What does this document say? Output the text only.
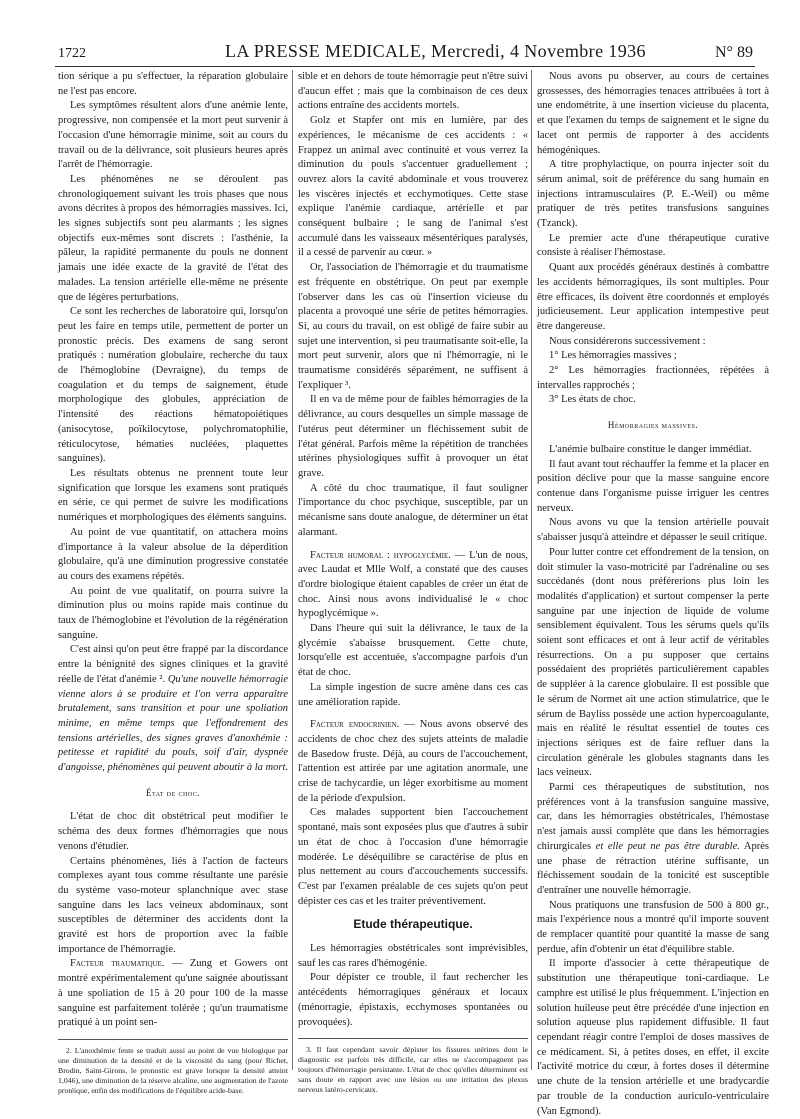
1722	LA PRESSE MEDICALE, Mercredi, 4 Novembre 1936	N° 89

tion sérique a pu s'effectuer, la réparation globulaire ne l'est pas encore.

Les symptômes résultent alors d'une anémie lente, progressive, non compensée et la mort peut survenir à l'occasion d'une hémorragie minime, soit au cours du travail ou de la délivrance, soit plusieurs heures après l'arrêt de l'hémorragie.

Les phénomènes ne se déroulent pas chronologiquement suivant les trois phases que nous avons décrites à propos des hémorragies massives. Ici, les signes subjectifs sont peu alarmants ; les signes objectifs eux-mêmes sont discrets : l'asthénie, la pâleur, la rapidité permanente du pouls ne donnent jamais une idée exacte de la gravité de l'état des malades. La tension artérielle elle-même ne présente que de légères perturbations.

Ce sont les recherches de laboratoire qui, lorsqu'on peut les faire en temps utile, permettent de porter un pronostic précis. Des examens de sang seront pratiqués : numération globulaire, recherche du taux de l'hémoglobine (Devraigne), du temps de coagulation et du temps de saignement, étude morphologique des globules, appréciation de l'intensité des réactions hématopoiétiques (anisocytose, poïkilocytose, polychromatophilie, réticulocytose, hématies nucléées, plaquettes sanguines).

Les résultats obtenus ne prennent toute leur signification que lorsque les examens sont pratiqués en série, ce qui permet de suivre les modifications numériques et morphologiques des éléments sanguins.

Au point de vue quantitatif, on attachera moins d'importance à la valeur absolue de la déperdition globulaire, qu'à une diminution progressive constatée au cours des examens répétés.

Au point de vue qualitatif, on pourra suivre la diminution plus ou moins rapide mais continue du taux de l'hémoglobine et l'évolution de la régénération sanguine.

C'est ainsi qu'on peut être frappé par la discordance entre la bénignité des signes cliniques et la gravité réelle de l'état d'anémie ². Qu'une nouvelle hémorragie vienne alors à se produire et l'on verra apparaître brutalement, sans transition et pour une spoliation minime, en même temps que l'effondrement des tensions artérielles, des signes graves d'anoxhémie : petitesse et rapidité du pouls, soif d'air, dyspnée d'angoisse, phénomènes qui peuvent aboutir à la mort.

État de choc.

L'état de choc dit obstétrical peut modifier le schéma des deux formes d'hémorragies que nous venons d'étudier.

Certains phénomènes, liés à l'action de facteurs complexes ayant tous comme résultante une parésie du système vaso-moteur splanchnique avec stase sanguine dans les lacs veineux abdominaux, sont susceptibles de déterminer des accidents dont la gravité est hors de proportion avec la faible importance de l'hémorragie.

Facteur traumatique. — Zung et Gowers ont montré expérimentalement qu'une saignée aboutissant à une spoliation de 15 à 20 pour 100 de la masse sanguine est parfaitement tolérée ; qu'un traumatisme pratiqué à un point sen-

2. L'anoxhémie fente se traduit aussi au point de vue biologique par une diminution de la densité et de la viscosité du sang (pour Richet, Brodin, Saint-Girons, le pronostic est grave lorsque la densité atteint 1,046), une diminution de la réserve alcaline, une augmentation de l'azote protéique, enfin des modifications de l'équilibre acide-base.

sible et en dehors de toute hémorragie peut n'être suivi d'aucun effet ; mais que la combinaison de ces deux actions entraîne des accidents mortels.

Golz et Stapfer ont mis en lumière, par des expériences, le mécanisme de ces accidents : « Frappez un animal avec continuité et vous verrez la diminution du pouls s'accentuer graduellement ; ouvrez alors la cavité abdominale et vous trouverez les viscères injectés et ecchymotiques. Cette stase explique l'anémie cardiaque, artérielle et par conséquent bulbaire ; le sang de l'animal s'est accumulé dans les vaisseaux mésentériques paralysés, il a cessé de parvenir au cœur. »

Or, l'association de l'hémorragie et du traumatisme est fréquente en obstétrique. On peut par exemple l'observer dans les cas où l'insertion vicieuse du placenta a provoqué une série de petites hémorragies. Si, au cours du travail, on est obligé de faire subir au sujet une intervention, si peu traumatisante soit-elle, la mort peut survenir, alors que ni l'hémorragie, ni le traumatisme considérés séparément, ne suffisent à l'expliquer ³.

Il en va de même pour de faibles hémorragies de la délivrance, au cours desquelles un simple massage de l'utérus peut déterminer un fléchissement subit de l'état général. Parfois même la répétition de tranchées utérines physiologiques suffit à provoquer un état grave.

A côté du choc traumatique, il faut souligner l'importance du choc psychique, susceptible, par un mécanisme sans doute analogue, de déterminer un état alarmant.

Facteur humoral : hypoglycémie. — L'un de nous, avec Laudat et Mlle Wolf, a constaté que des causes d'ordre biologique étaient capables de créer un état de choc. Ainsi nous avons individualisé le « choc hypoglycémique ».

Dans l'heure qui suit la délivrance, le taux de la glycémie s'abaisse brusquement. Cette chute, lorsqu'elle est accentuée, s'accompagne parfois d'un état de choc.

La simple ingestion de sucre amène dans ces cas une amélioration rapide.

Facteur endocrinien. — Nous avons observé des accidents de choc chez des sujets atteints de maladie de Basedow fruste. Déjà, au cours de l'accouchement, l'attention est attirée par une agitation anormale, une crise de tachycardie, un léger exorbitisme au moment de la période d'expulsion.

Ces malades supportent bien l'accouchement spontané, mais sont exposées plus que d'autres à subir un état de choc à l'occasion d'une hémorragie modérée. Le déséquilibre se caractérise de plus en plus nettement au cours d'accouchements successifs. C'est par l'examen préalable de ces sujets qu'on peut dépister ces cas et les traiter préventivement.

Etude thérapeutique.

Les hémorragies obstétricales sont imprévisibles, sauf les cas rares d'hémogénie.

Pour dépister ce trouble, il faut rechercher les antécédents hémorragiques généraux et locaux (ménorragie, épistaxis, ecchymoses spontanées ou provoquées).

3. Il faut cependant savoir dépister les fissures utérines dont le diagnostic est parfois très difficile, car elles ne s'accompagnent pas toujours d'hémorragie persistante. L'état de choc qu'elles déterminent est sans doute en rapport avec une lésion ou une irritation des plexus nerveux latéro-cervicaux.

Nous avons pu observer, au cours de certaines grossesses, des hémorragies tenaces attribuées à tort à une endométrite, à une insertion vicieuse du placenta, et que l'examen du temps de saignement et le signe du lacet ont permis de rapporter à des accidents hémogéniques.

A titre prophylactique, on pourra injecter soit du sérum animal, soit de préférence du sang humain en injections intramusculaires (P. E.-Weil) ou même pratiquer de très petites transfusions sanguines (Tzanck).

Le premier acte d'une thérapeutique curative consiste à réaliser l'hémostase.

Quant aux procédés généraux destinés à combattre les accidents hémorragiques, ils sont multiples. Pour être efficaces, ils doivent être coordonnés et employés judicieusement. Leur application intempestive peut être dangereuse.

Nous considérerons successivement :

1° Les hémorragies massives ;

2° Les hémorragies fractionnées, répétées à intervalles rapprochés ;

3° Les états de choc.

Hémorragies massives.

L'anémie bulbaire constitue le danger immédiat.

Il faut avant tout réchauffer la femme et la placer en position déclive pour que la masse sanguine encore contenue dans l'organisme puisse irriguer les centres nerveux.

Nous avons vu que la tension artérielle pouvait s'abaisser jusqu'à atteindre et dépasser le seuil critique.

Pour lutter contre cet effondrement de la tension, on doit stimuler la vaso-motricité par l'adrénaline ou ses succédanés (dont nous préférerions plus loin les modalités d'application) et surtout compenser la perte sanguine par une injection de liquide de volume sensiblement équivalent. Tous les sérums quels qu'ils soient sont efficaces et ont à leur actif de véritables résurrections. On a pu supposer que certains possédaient des propriétés particulièrement capables de suppléer à la carence globulaire. Il est possible que le sérum de Normet ait une action stimulatrice, que le sérum de Bayliss possède une action hypercoagulante, mais en réalité le résultat essentiel de toutes ces injections sériques est de faire refluer dans la circulation générale les globules stagnants dans les lacs veineux.

Parmi ces thérapeutiques de substitution, nos préférences vont à la transfusion sanguine massive, car, dans les hémorragies obstétricales, l'hémostase n'est jamais aussi complète que dans les hémorragies chirurgicales et elle peut ne pas être durable. Après une phase de rétraction utérine suffisante, un fléchissement soudain de la tonicité est susceptible d'entraîner une nouvelle hémorragie.

Nous pratiquons une transfusion de 500 à 800 gr., mais l'expérience nous a montré qu'il importe souvent de remplacer quantité pour quantité la masse de sang perdue, afin d'obtenir un état d'équilibre stable.

Il importe d'associer à cette thérapeutique de substitution une thérapeutique toni-cardiaque. Le camphre est utilisé le plus fréquemment. L'injection en solution huileuse peut être précédée d'une injection en solution aqueuse plus rapidement diffusible. Il faut cependant réagir contre l'emploi de doses massives de ce médicament. Si, à petites doses, en effet, il excite l'activité motrice du cœur, à fortes doses il détermine une chute de la tension artérielle et une bradycardie par trouble de la conduction auriculo-ventriculaire (Van Egmond).
